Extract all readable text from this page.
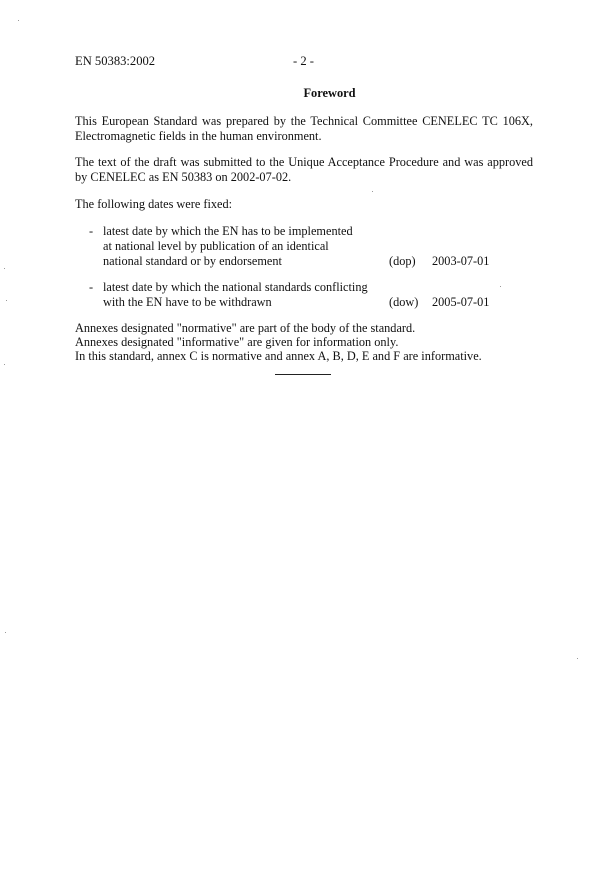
EN 50383:2002	- 2 -
Foreword
This European Standard was prepared by the Technical Committee CENELEC TC 106X, Electromagnetic fields in the human environment.
The text of the draft was submitted to the Unique Acceptance Procedure and was approved by CENELEC as EN 50383 on 2002-07-02.
The following dates were fixed:
- latest date by which the EN has to be implemented
at national level by publication of an identical
national standard or by endorsement	(dop)	2003-07-01
- latest date by which the national standards conflicting
with the EN have to be withdrawn	(dow)	2005-07-01
Annexes designated "normative" are part of the body of the standard.
Annexes designated "informative" are given for information only.
In this standard, annex C is normative and annex A, B, D, E and F are informative.
